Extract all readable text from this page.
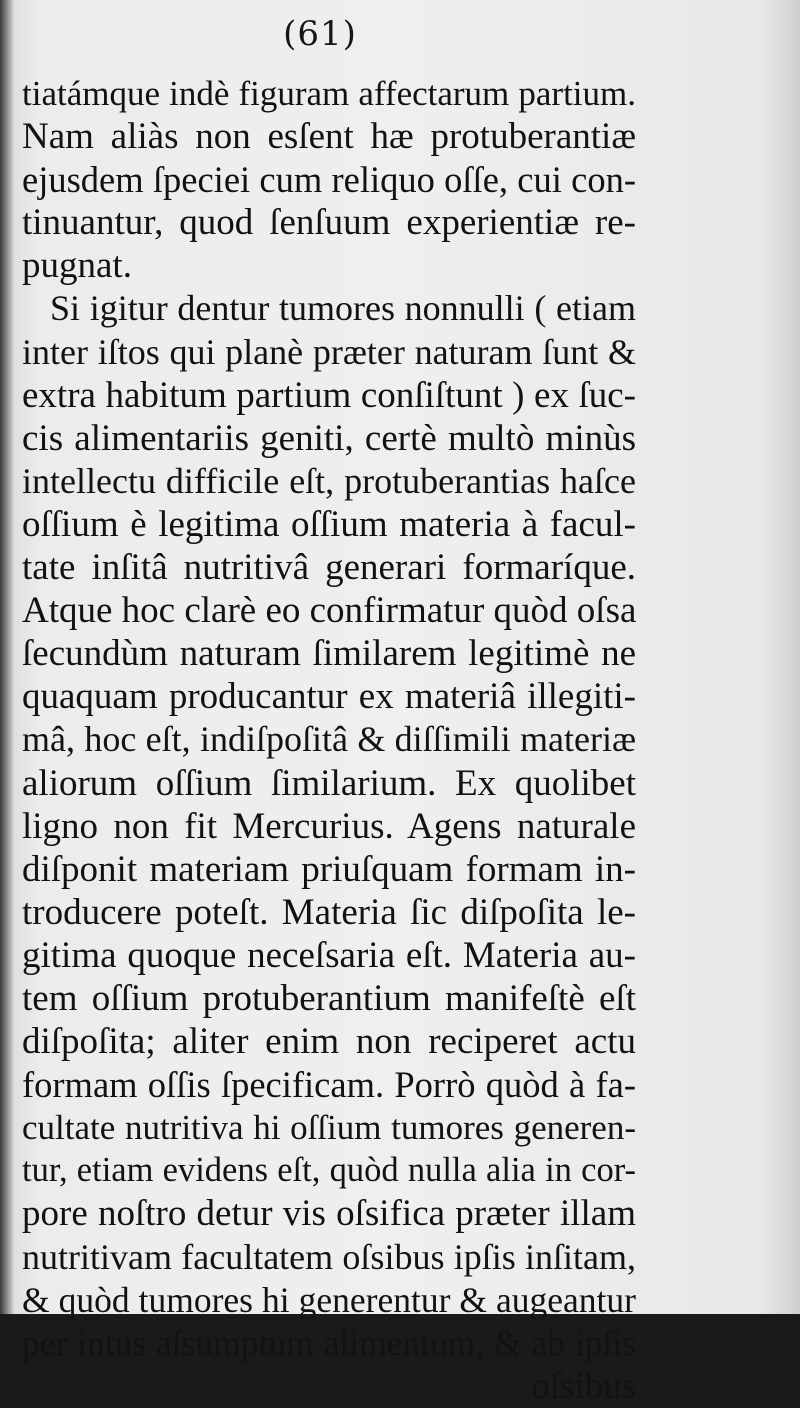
(61)
tiatámque indè figuram affectarum partium.
Nam aliàs non esſent hæ protuberantiæ
ejusdem ſpeciei cum reliquo oſſe, cui con-
tinuantur, quod ſenſuum experientiæ re-
pugnat.
Si igitur dentur tumores nonnulli ( etiam
inter iſtos qui planè præter naturam ſunt &
extra habitum partium conſiſtunt ) ex ſuc-
cis alimentariis geniti, certè multò minùs
intellectu difficile eſt, protuberantias haſce
oſſium è legitima oſſium materia à facul-
tate inſitâ nutritivâ generari formaríque.
Atque hoc clarè eo confirmatur quòd oſsa
ſecundùm naturam ſimilarem legitimè ne
quaquam producantur ex materiâ illegiti-
mâ, hoc eſt, indiſpoſitâ & diſſimili materiæ
aliorum oſſium ſimilarium. Ex quolibet
ligno non fit Mercurius. Agens naturale
diſponit materiam priuſquam formam in-
troducere poteſt. Materia ſic diſpoſita le-
gitima quoque neceſsaria eſt. Materia au-
tem oſſium protuberantium manifeſtè eſt
diſpoſita; aliter enim non reciperet actu
formam oſſis ſpecificam. Porrò quòd à fa-
cultate nutritiva hi oſſium tumores generen-
tur, etiam evidens eſt, quòd nulla alia in cor-
pore noſtro detur vis oſsifica præter illam
nutritivam facultatem oſsibus ipſis inſitam,
& quòd tumores hi generentur & augeantur
per intus aſsumptum alimentum, & ab ipſis
oſsibus
